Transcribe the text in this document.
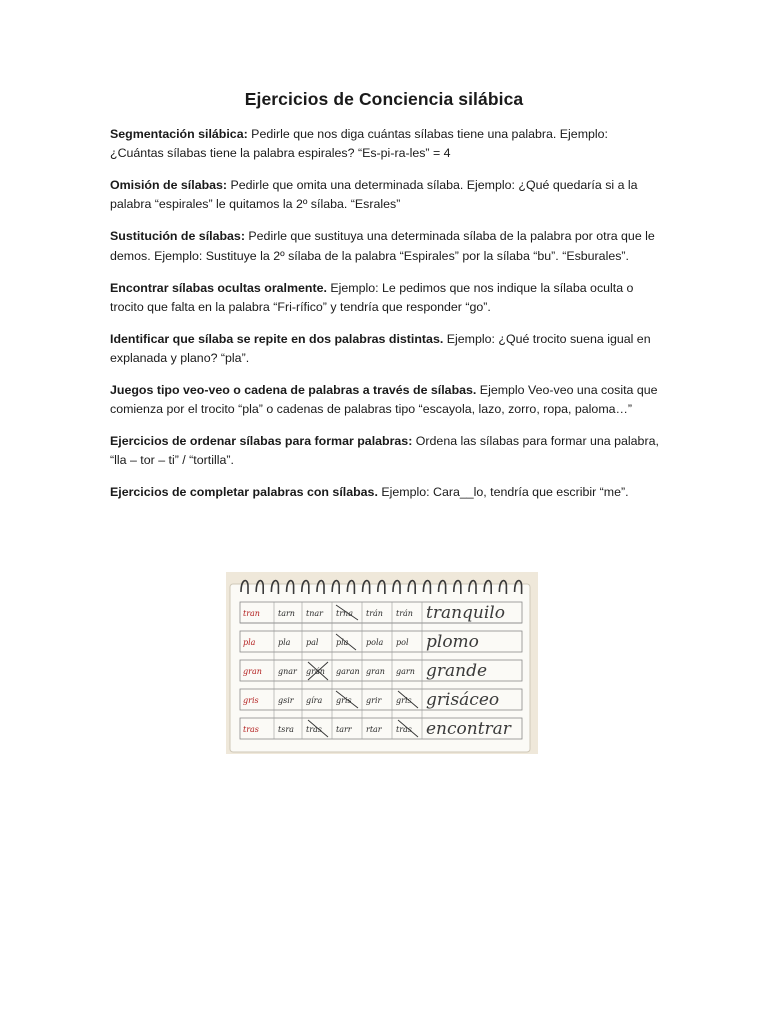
Ejercicios de Conciencia silábica

Segmentación silábica: Pedirle que nos diga cuántas sílabas tiene una palabra. Ejemplo: ¿Cuántas sílabas tiene la palabra espirales? “Es-pi-ra-les” = 4

Omisión de sílabas: Pedirle que omita una determinada sílaba. Ejemplo: ¿Qué quedaría si a la palabra “espirales” le quitamos la 2º sílaba. “Esrales”

Sustitución de sílabas: Pedirle que sustituya una determinada sílaba de la palabra por otra que le demos. Ejemplo: Sustituye la 2º sílaba de la palabra “Espirales” por la sílaba “bu”. “Esburales”.

Encontrar sílabas ocultas oralmente. Ejemplo: Le pedimos que nos indique la sílaba oculta o trocito que falta en la palabra “Fri-rífico” y tendría que responder “go”.

Identificar que sílaba se repite en dos palabras distintas. Ejemplo: ¿Qué trocito suena igual en explanada y plano? “pla”.

Juegos tipo veo-veo o cadena de palabras a través de sílabas. Ejemplo Veo-veo una cosita que comienza por el trocito “pla” o cadenas de palabras tipo “escayola, lazo, zorro, ropa, paloma…”

Ejercicios de ordenar sílabas para formar palabras: Ordena las sílabas para formar una palabra, “lla – tor – ti” / “tortilla”.

Ejercicios de completar palabras con sílabas. Ejemplo: Cara__lo, tendría que escribir “me”.

tran tarn tnar trna trán trán tranquilo
pla	pla pal pla pola pol plomo
gran gnar grán garan gran garn grande
gris gsir gíra gris grir gris grisáceo
tras tsra tras tarr rtar tras encontrar
